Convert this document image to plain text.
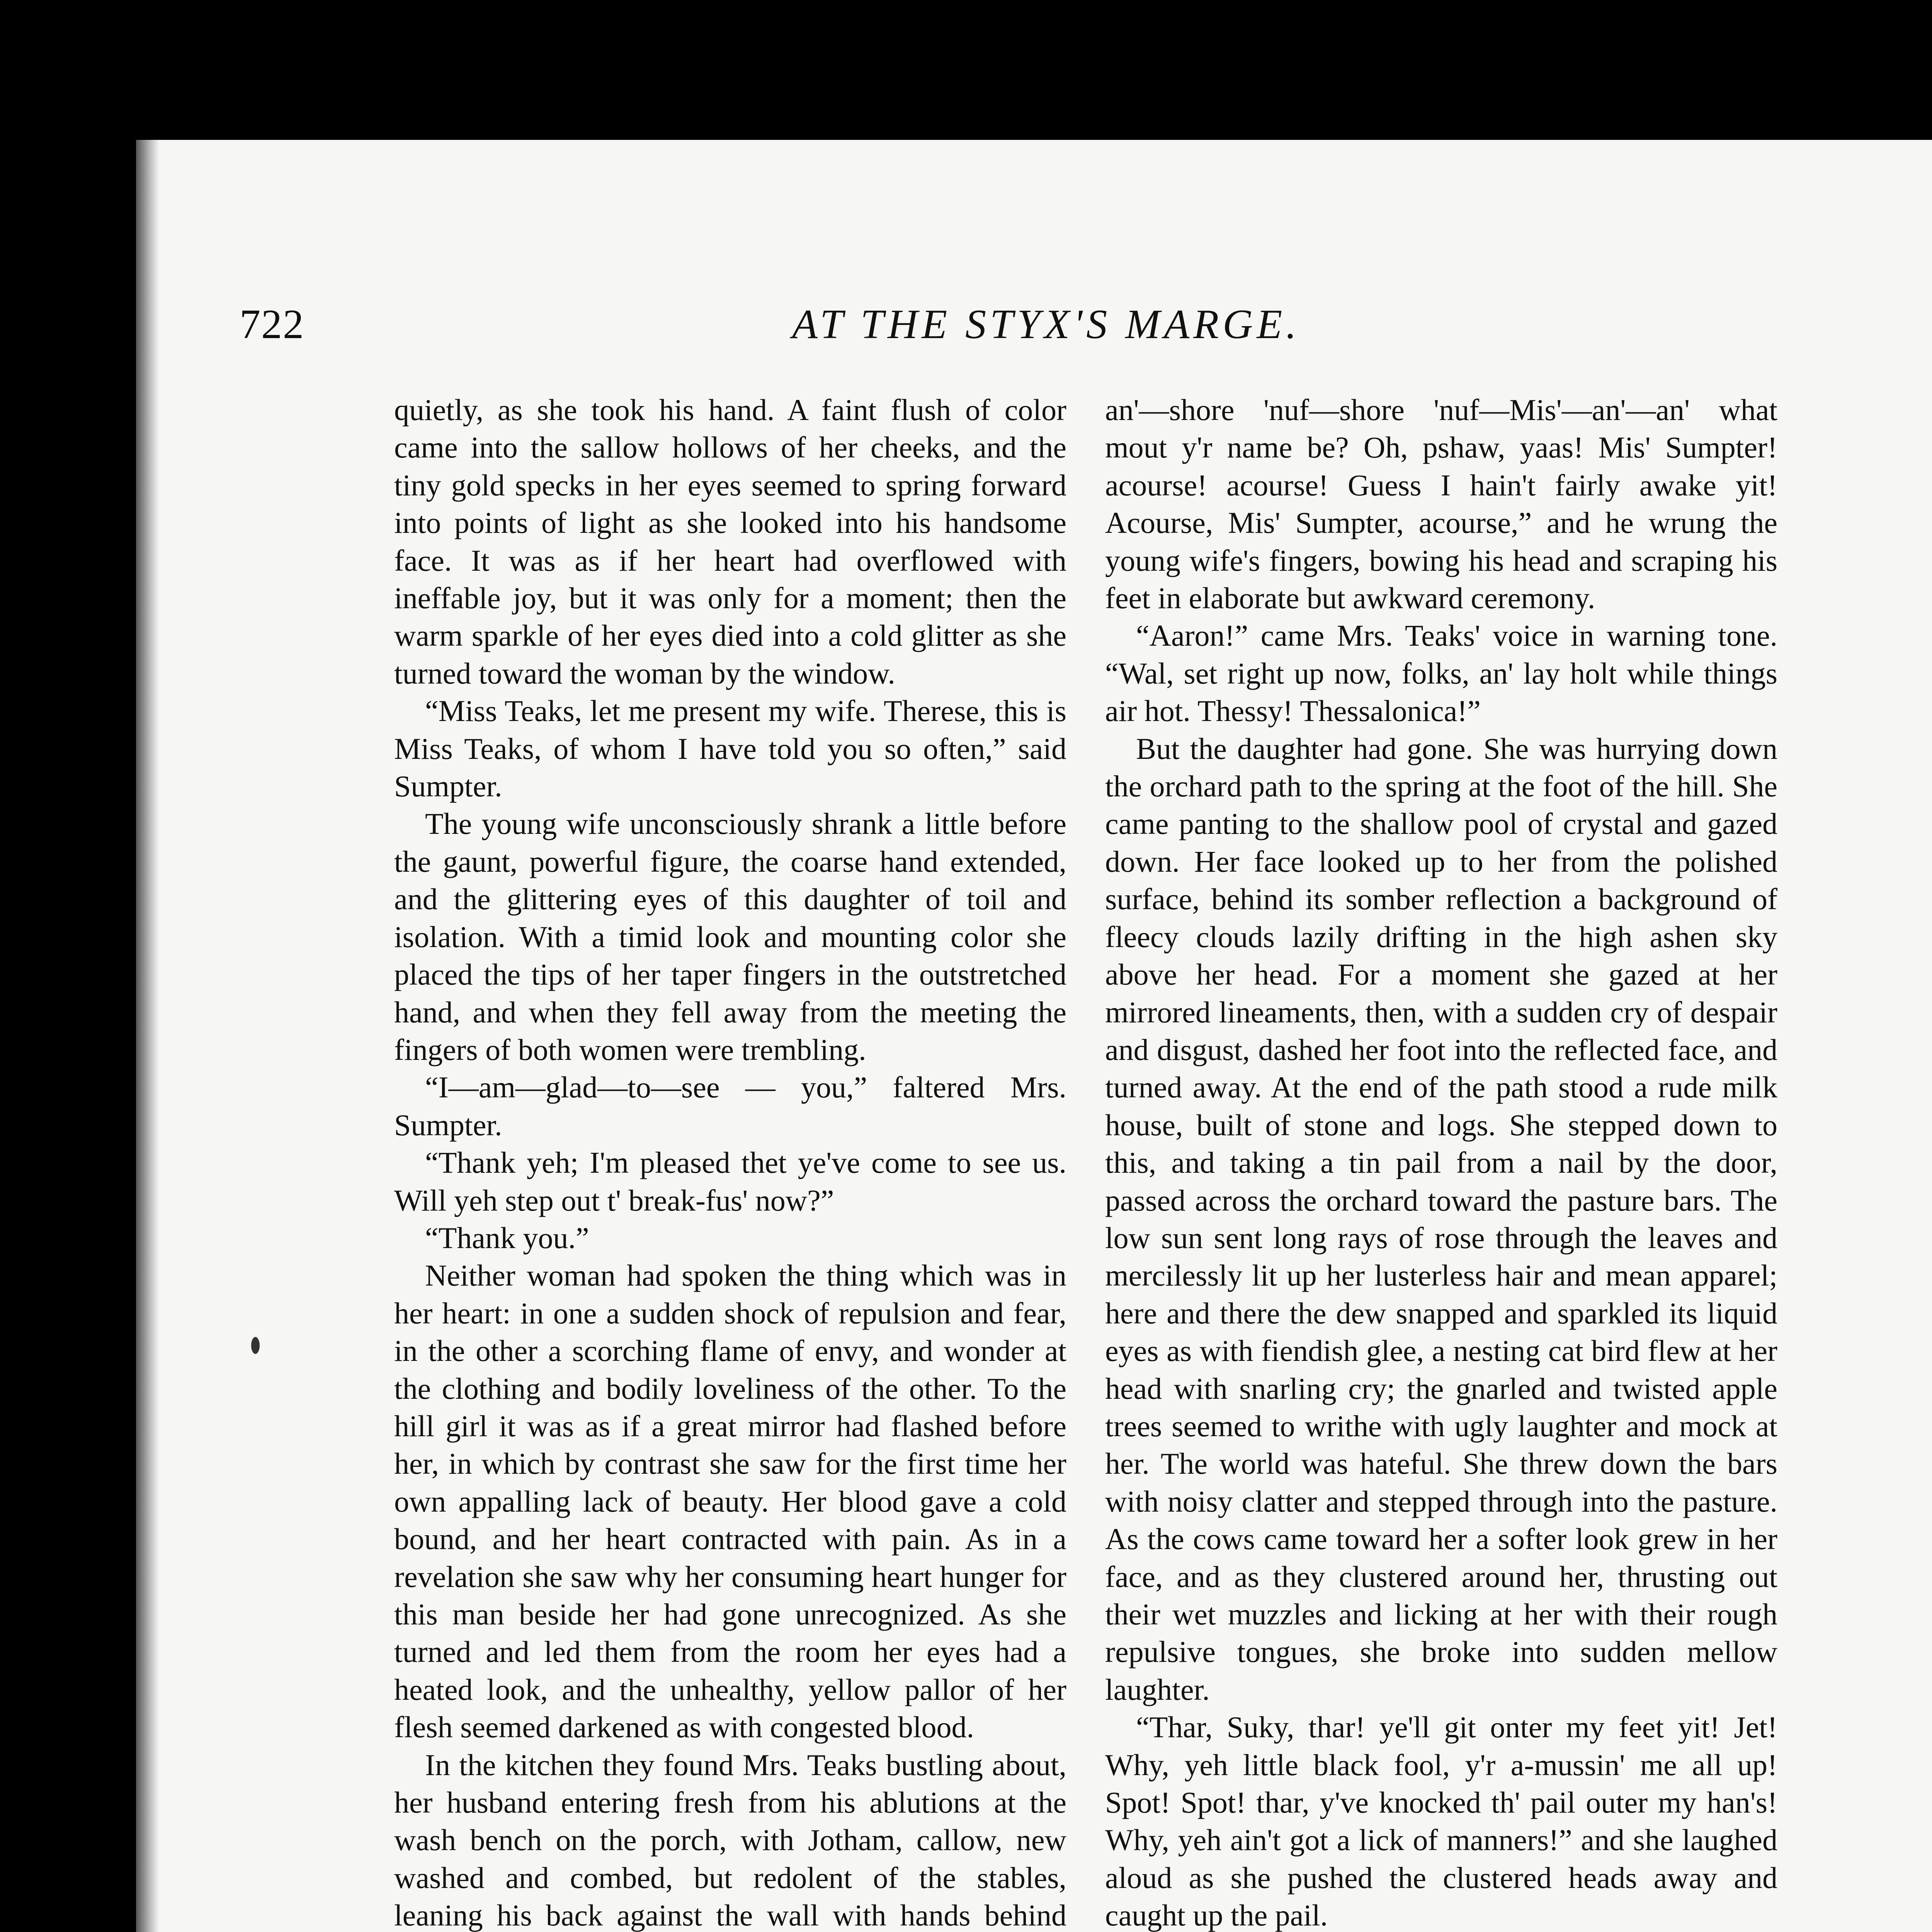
722	AT THE STYX'S MARGE.

quietly, as she took his hand. A faint flush of color came into the sallow hollows of her cheeks, and the tiny gold specks in her eyes seemed to spring forward into points of light as she looked into his handsome face. It was as if her heart had overflowed with ineffable joy, but it was only for a moment; then the warm sparkle of her eyes died into a cold glitter as she turned toward the woman by the window.

“Miss Teaks, let me present my wife. Therese, this is Miss Teaks, of whom I have told you so often,” said Sumpter.

The young wife unconsciously shrank a little before the gaunt, powerful figure, the coarse hand extended, and the glittering eyes of this daughter of toil and isolation. With a timid look and mounting color she placed the tips of her taper fingers in the outstretched hand, and when they fell away from the meeting the fingers of both women were trembling.

“I—am—glad—to—see — you,” faltered Mrs. Sumpter.

“Thank yeh; I'm pleased thet ye've come to see us. Will yeh step out t' break-fus' now?”

“Thank you.”

Neither woman had spoken the thing which was in her heart: in one a sudden shock of repulsion and fear, in the other a scorching flame of envy, and wonder at the clothing and bodily loveliness of the other. To the hill girl it was as if a great mirror had flashed before her, in which by contrast she saw for the first time her own appalling lack of beauty. Her blood gave a cold bound, and her heart contracted with pain. As in a revelation she saw why her consuming heart hunger for this man beside her had gone unrecognized. As she turned and led them from the room her eyes had a heated look, and the unhealthy, yellow pallor of her flesh seemed darkened as with congested blood.

In the kitchen they found Mrs. Teaks bustling about, her husband entering fresh from his ablutions at the wash bench on the porch, with Jotham, callow, new washed and combed, but redolent of the stables, leaning his back against the wall with hands behind

an'—shore 'nuf—shore 'nuf—Mis'—an'—an' what mout y'r name be? Oh, pshaw, yaas! Mis' Sumpter! acourse! acourse! Guess I hain't fairly awake yit! Acourse, Mis' Sumpter, acourse,” and he wrung the young wife's fingers, bowing his head and scraping his feet in elaborate but awkward ceremony.

“Aaron!” came Mrs. Teaks' voice in warning tone. “Wal, set right up now, folks, an' lay holt while things air hot. Thessy! Thessalonica!”

But the daughter had gone. She was hurrying down the orchard path to the spring at the foot of the hill. She came panting to the shallow pool of crystal and gazed down. Her face looked up to her from the polished surface, behind its somber reflection a background of fleecy clouds lazily drifting in the high ashen sky above her head. For a moment she gazed at her mirrored lineaments, then, with a sudden cry of despair and disgust, dashed her foot into the reflected face, and turned away. At the end of the path stood a rude milk house, built of stone and logs. She stepped down to this, and taking a tin pail from a nail by the door, passed across the orchard toward the pasture bars. The low sun sent long rays of rose through the leaves and mercilessly lit up her lusterless hair and mean apparel; here and there the dew snapped and sparkled its liquid eyes as with fiendish glee, a nesting cat bird flew at her head with snarling cry; the gnarled and twisted apple trees seemed to writhe with ugly laughter and mock at her. The world was hateful. She threw down the bars with noisy clatter and stepped through into the pasture. As the cows came toward her a softer look grew in her face, and as they clustered around her, thrusting out their wet muzzles and licking at her with their rough repulsive tongues, she broke into sudden mellow laughter.

“Thar, Suky, thar! ye'll git onter my feet yit! Jet! Why, yeh little black fool, y'r a-mussin' me all up! Spot! Spot! thar, y've knocked th' pail outer my han's! Why, yeh ain't got a lick of manners!” and she laughed aloud as she pushed the clustered heads away and caught up the pail.
